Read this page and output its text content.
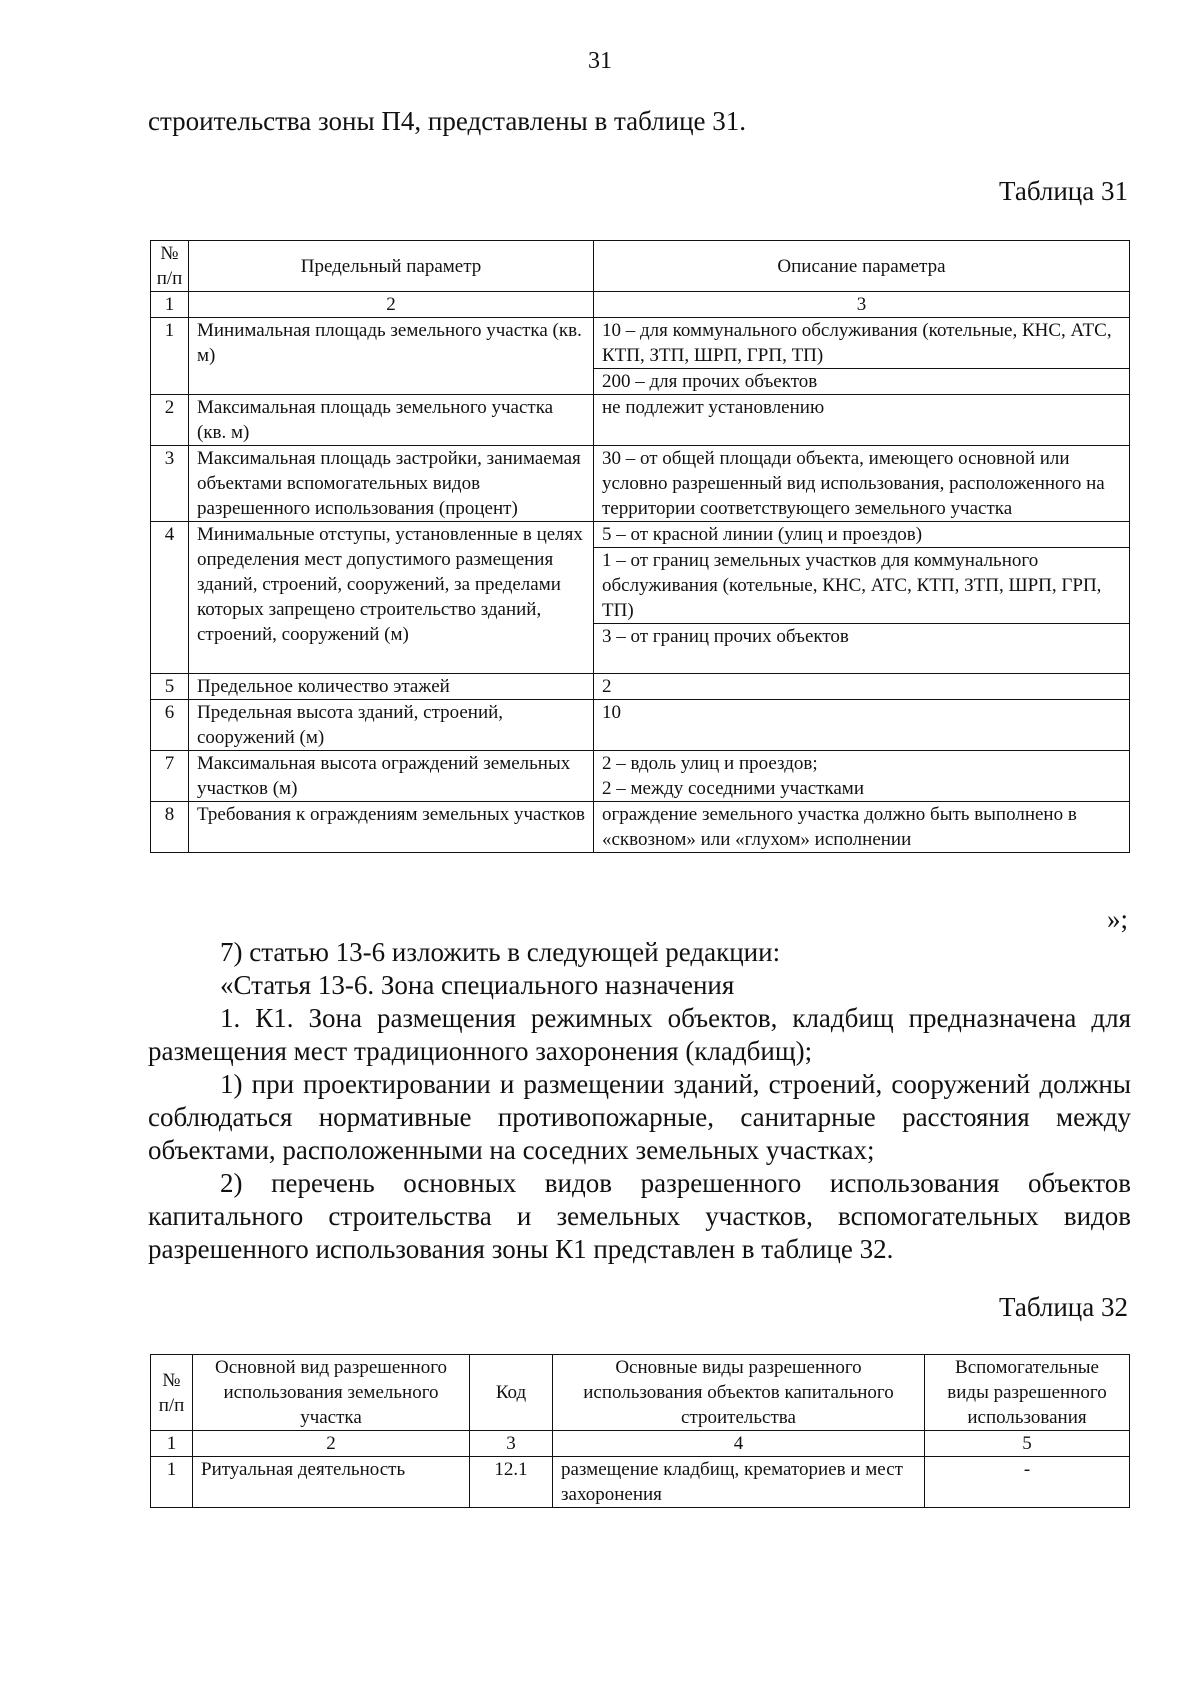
31
строительства зоны П4, представлены в таблице 31.
Таблица 31
№ п/п	Предельный параметр	Описание параметра
1	2	3
1	Минимальная площадь земельного участка (кв. м)	10 – для коммунального обслуживания (котельные, КНС, АТС, КТП, ЗТП, ШРП, ГРП, ТП)
		200 – для прочих объектов
2	Максимальная площадь земельного участка (кв. м)	не подлежит установлению
3	Максимальная площадь застройки, занимаемая объектами вспомогательных видов разрешенного использования (процент)	30 – от общей площади объекта, имеющего основной или условно разрешенный вид использования, расположенного на территории соответствующего земельного участка
4	Минимальные отступы, установленные в целях определения мест допустимого размещения зданий, строений, сооружений, за пределами которых запрещено строительство зданий, строений, сооружений (м)	5 – от красной линии (улиц и проездов)
		1 – от границ земельных участков для коммунального обслуживания (котельные, КНС, АТС, КТП, ЗТП, ШРП, ГРП, ТП)
		3 – от границ прочих объектов
5	Предельное количество этажей	2
6	Предельная высота зданий, строений, сооружений (м)	10
7	Максимальная высота ограждений земельных участков (м)	2 – вдоль улиц и проездов;
2 – между соседними участками

8	Требования к ограждениям земельных участков	ограждение земельного участка должно быть выполнено в «сквозном» или «глухом» исполнении
»;

7) статью 13-6 изложить в следующей редакции:

«Статья 13-6. Зона специального назначения

1. К1. Зона размещения режимных объектов, кладбищ предназначена для размещения мест традиционного захоронения (кладбищ);

1) при проектировании и размещении зданий, строений, сооружений должны соблюдаться нормативные противопожарные, санитарные расстояния между объектами, расположенными на соседних земельных участках;

2) перечень основных видов разрешенного использования объектов капитального строительства и земельных участков, вспомогательных видов разрешенного использования зоны К1 представлен в таблице 32.

Таблица 32
№ п/п	Основной вид разрешенного использования земельного участка	Код	Основные виды разрешенного использования объектов капитального строительства	Вспомогательные виды разрешенного использования
1	2	3	4	5
1	Ритуальная деятельность	12.1	размещение кладбищ, крематориев и мест захоронения	-
